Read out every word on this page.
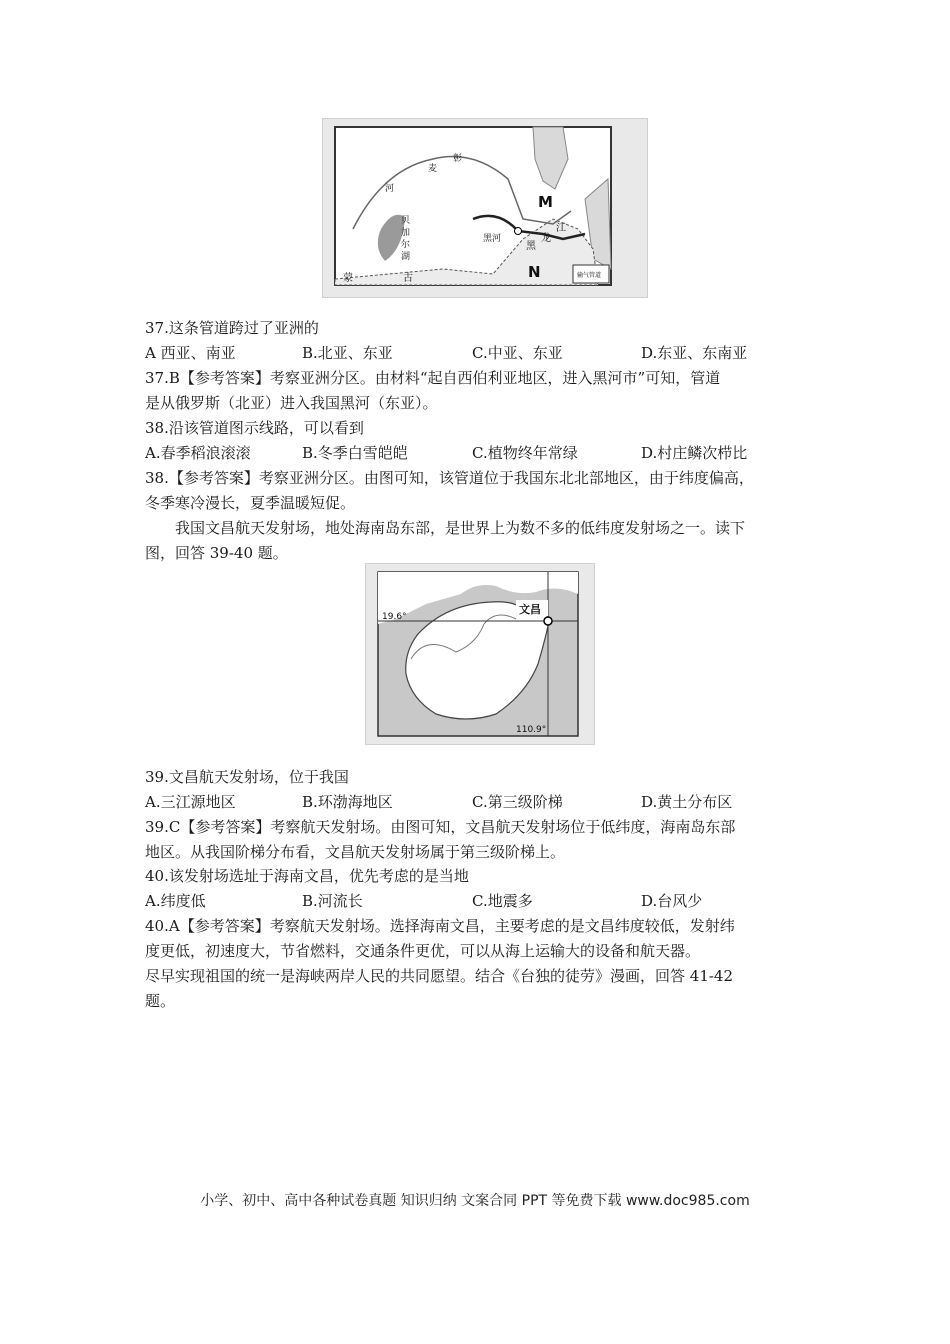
M
N
黑河
黑
龙
江
贝
加
尔
湖
蒙	古
河
麦
彰
输气管道
37.这条管道跨过了亚洲的
A 西亚、南亚	B.北亚、东亚	C.中亚、东亚	D.东亚、东南亚
37.B【参考答案】考察亚洲分区。由材料“起自西伯利亚地区，进入黑河市”可知，管道
是从俄罗斯（北亚）进入我国黑河（东亚）。
38.沿该管道图示线路，可以看到
A.春季稻浪滚滚	B.冬季白雪皑皑	C.植物终年常绿	D.村庄鳞次栉比
38.【参考答案】考察亚洲分区。由图可知，该管道位于我国东北北部地区，由于纬度偏高，
冬季寒冷漫长，夏季温暖短促。
我国文昌航天发射场，地处海南岛东部，是世界上为数不多的低纬度发射场之一。读下
图，回答 39-40 题。
文昌
19.6°
110.9°
39.文昌航天发射场，位于我国
A.三江源地区	B.环渤海地区	C.第三级阶梯	D.黄土分布区
39.C【参考答案】考察航天发射场。由图可知，文昌航天发射场位于低纬度，海南岛东部
地区。从我国阶梯分布看，文昌航天发射场属于第三级阶梯上。
40.该发射场选址于海南文昌，优先考虑的是当地
A.纬度低	B.河流长	C.地震多	D.台风少
40.A【参考答案】考察航天发射场。选择海南文昌，主要考虑的是文昌纬度较低，发射纬
度更低，初速度大，节省燃料，交通条件更优，可以从海上运输大的设备和航天器。
尽早实现祖国的统一是海峡两岸人民的共同愿望。结合《台独的徒劳》漫画，回答 41-42
题。
小学、初中、高中各种试卷真题 知识归纳 文案合同 PPT 等免费下载 www.doc985.com
